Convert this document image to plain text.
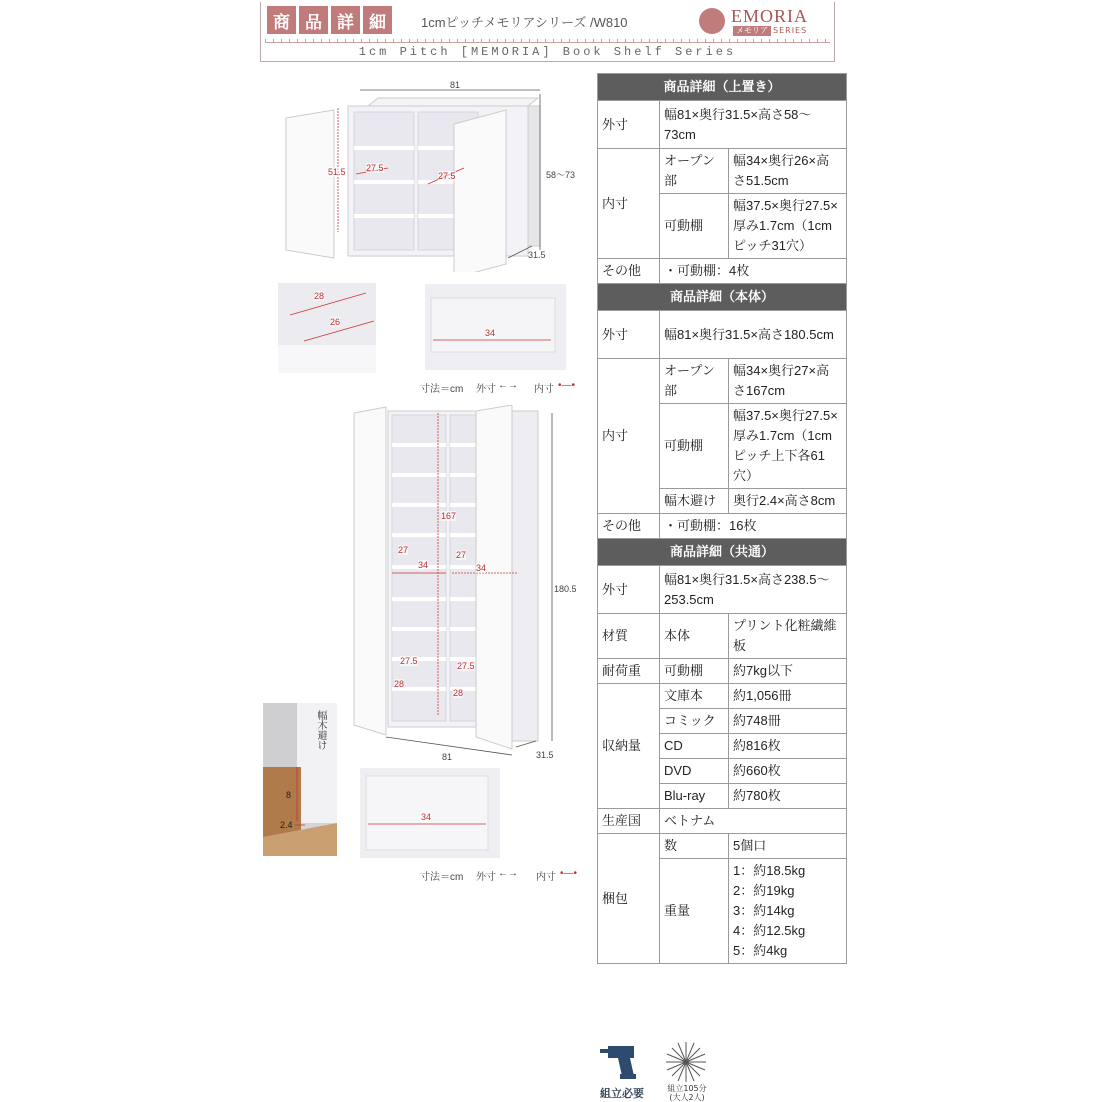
商 品 詳 細	1cmピッチメモリアシリーズ /W810	EMORIA
メモリア SERIES
1cm Pitch [MEMORIA] Book Shelf Series
81
58〜73
31.5
51.5 27.5
27.5
28
26
34
寸法＝cm 外寸 ←→ 内寸 •—•
180.5
81	31.5
167
27	27
34	34
27.5	27.5
28
28
幅木避け
8
2.4
34
寸法＝cm 外寸 ←→ 内寸 •—•
商品詳細（上置き）		
外寸	幅81×奥行31.5×高さ58〜73cm	
内寸	オープン部	幅34×奥行26×高さ51.5cm
	可動棚	幅37.5×奥行27.5×厚み1.7cm（1cmピッチ31穴）
その他	・可動棚：4枚	
商品詳細（本体）		
外寸	幅81×奥行31.5×高さ180.5cm	
内寸	オープン部	幅34×奥行27×高さ167cm
	可動棚	幅37.5×奥行27.5×厚み1.7cm（1cmピッチ上下各61穴）
	幅木避け	奥行2.4×高さ8cm
その他	・可動棚：16枚	
商品詳細（共通）		
外寸	幅81×奥行31.5×高さ238.5〜253.5cm	
材質	本体	プリント化粧繊維板
耐荷重	可動棚	約7kg以下
収納量	文庫本	約1,056冊
	コミック	約748冊
	CD	約816枚
	DVD	約660枚
	Blu-ray	約780枚
生産国	ベトナム	
梱包	数	5個口
	重量	1：約18.5kg
2：約19kg
3：約14kg
4：約12.5kg
5：約4kg
組立必要	組立105分
(大人2人)
